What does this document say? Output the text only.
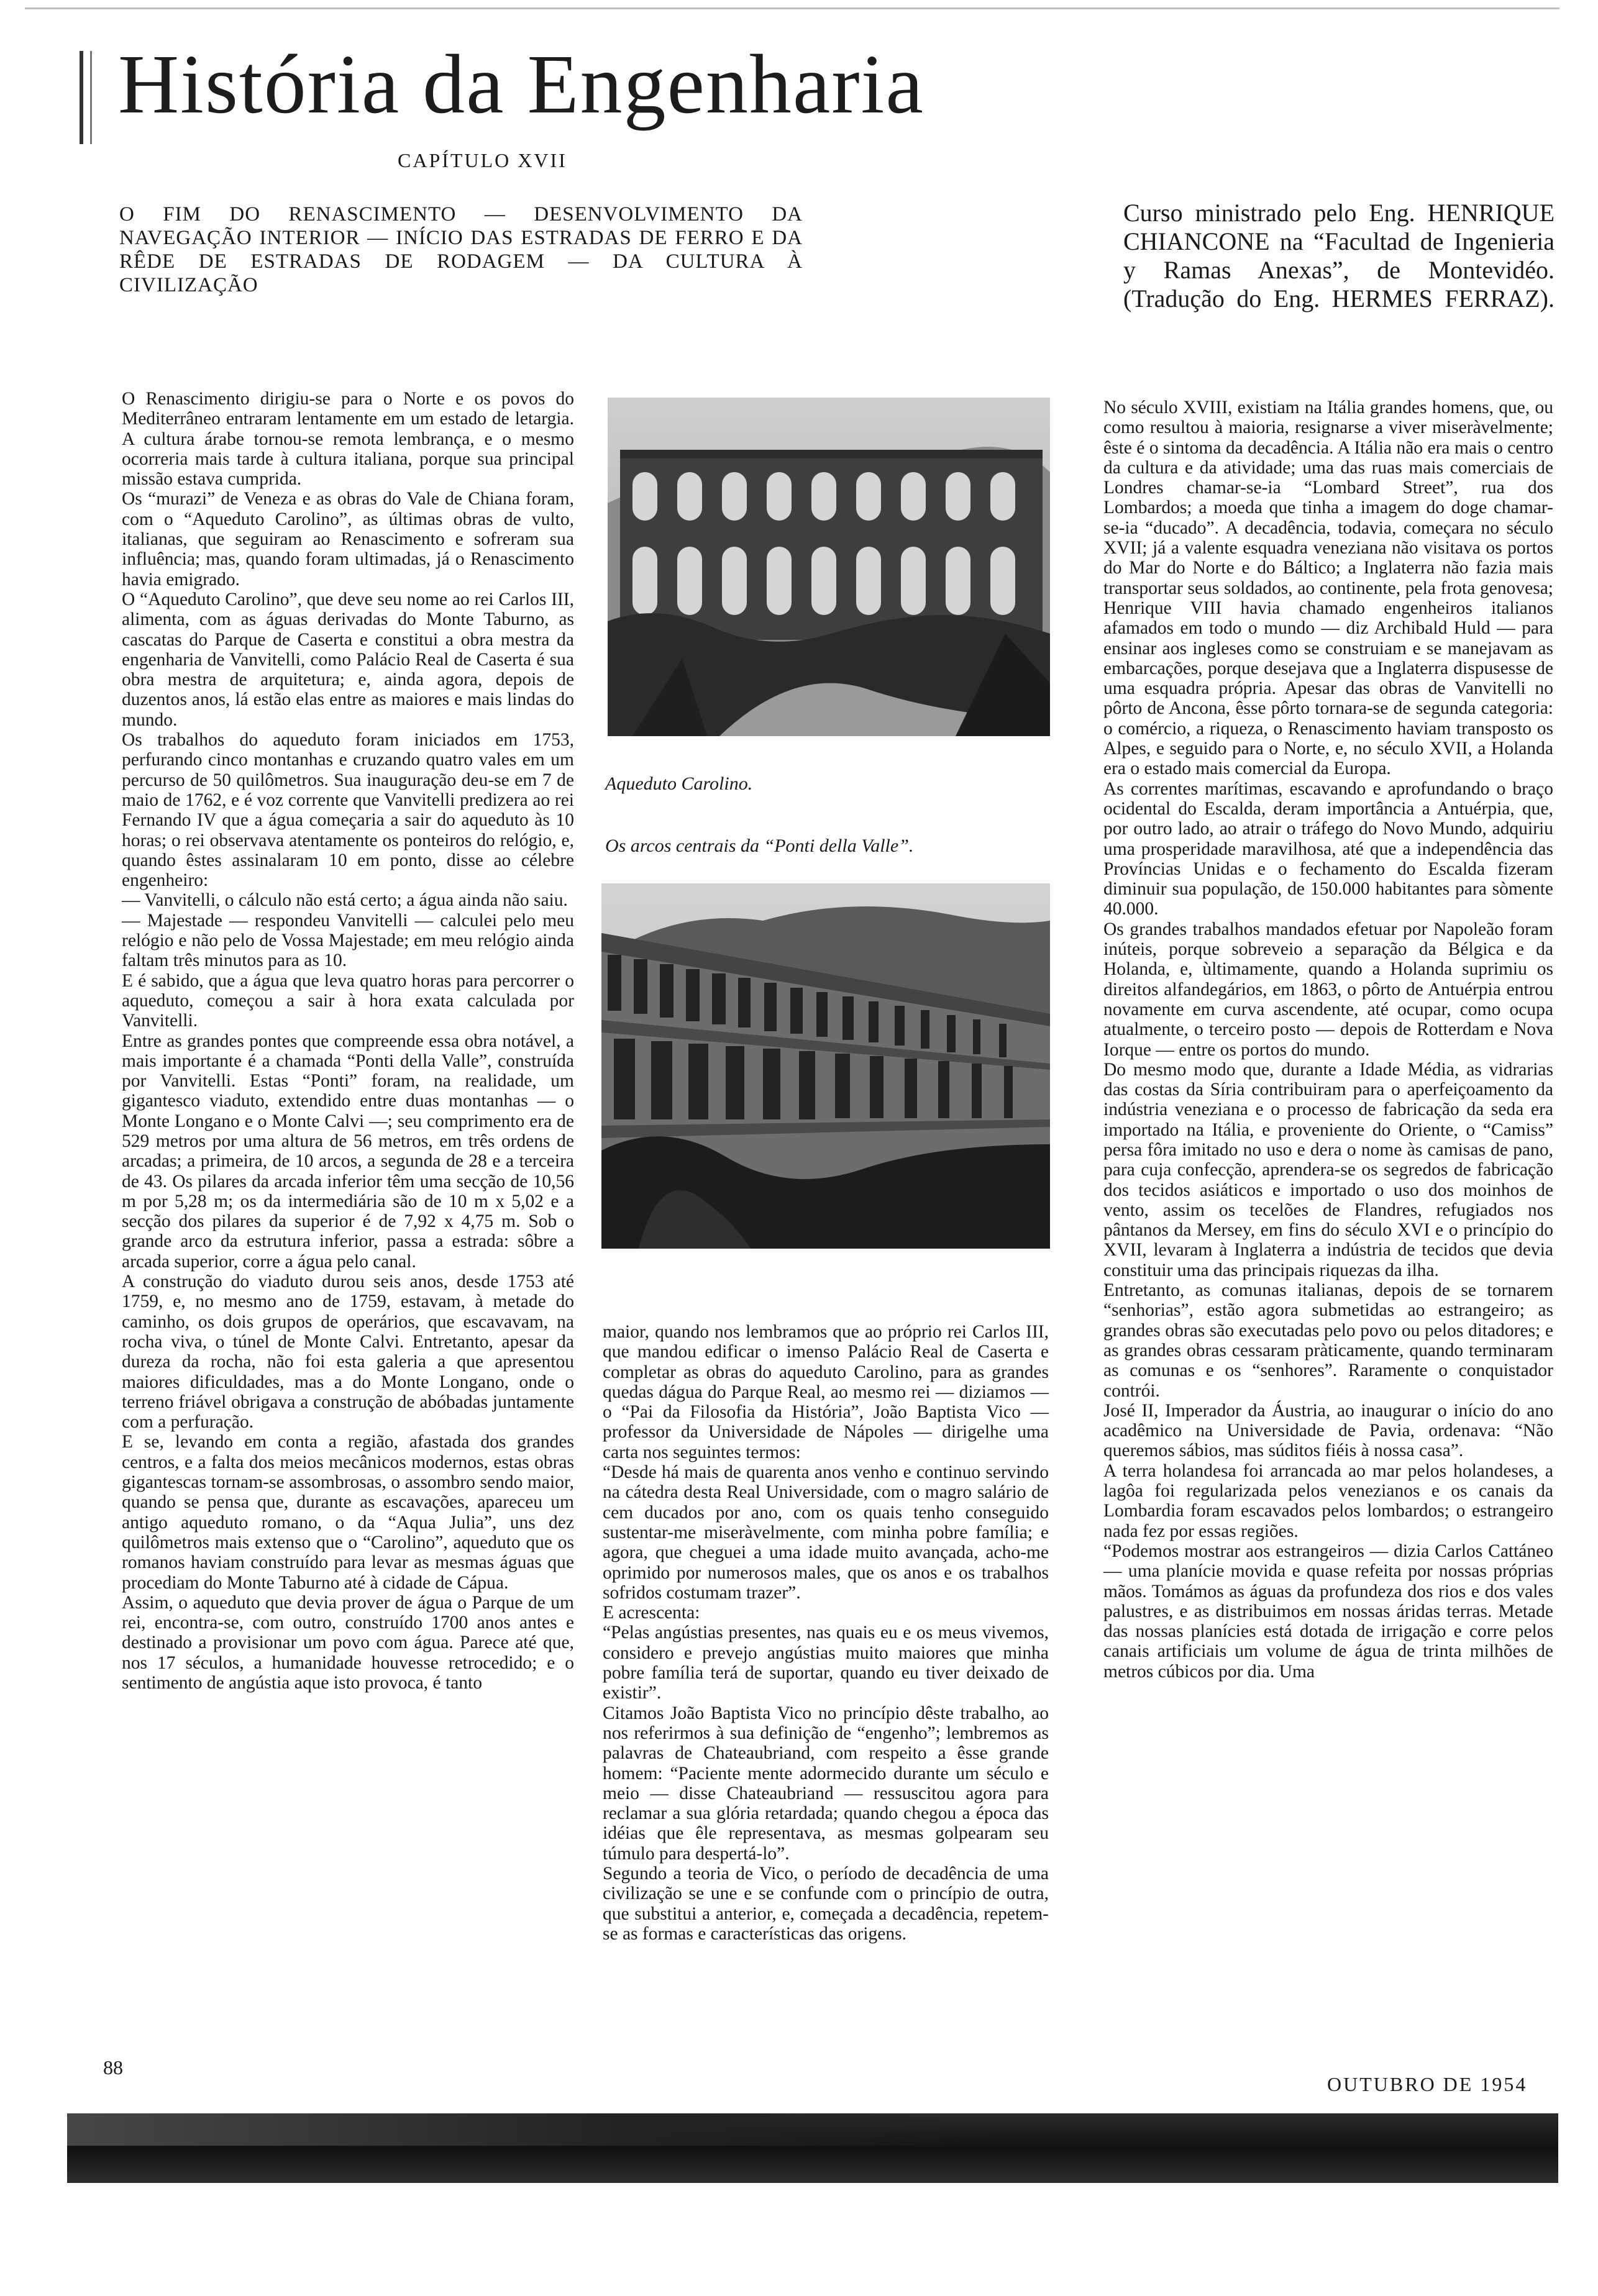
História da Engenharia
CAPÍTULO XVII
O FIM DO RENASCIMENTO — DESENVOLVIMENTO DA NAVEGAÇÃO INTERIOR — INÍCIO DAS ESTRADAS DE FERRO E DA RÊDE DE ESTRADAS DE RODAGEM — DA CULTURA À CIVILIZAÇÃO
Curso ministrado pelo Eng. HENRIQUE CHIANCONE na “Facultad de Ingenieria y Ramas Anexas”, de Montevidéo. (Tradução do Eng. HERMES FERRAZ).

O Renascimento dirigiu-se para o Norte e os povos do Mediterrâneo entraram lentamente em um estado de letargia. A cultura árabe tornou-se remota lembrança, e o mesmo ocorreria mais tarde à cultura italiana, porque sua principal missão estava cumprida.

Os “murazi” de Veneza e as obras do Vale de Chiana foram, com o “Aqueduto Carolino”, as últimas obras de vulto, italianas, que seguiram ao Renascimento e sofreram sua influência; mas, quando foram ultimadas, já o Renascimento havia emigrado.

O “Aqueduto Carolino”, que deve seu nome ao rei Carlos III, alimenta, com as águas derivadas do Monte Taburno, as cascatas do Parque de Caserta e constitui a obra mestra da engenharia de Vanvitelli, como Palácio Real de Caserta é sua obra mestra de arquitetura; e, ainda agora, depois de duzentos anos, lá estão elas entre as maiores e mais lindas do mundo.

Os trabalhos do aqueduto foram iniciados em 1753, perfurando cinco montanhas e cruzando quatro vales em um percurso de 50 quilômetros. Sua inauguração deu-se em 7 de maio de 1762, e é voz corrente que Vanvitelli predizera ao rei Fernando IV que a água começaria a sair do aqueduto às 10 horas; o rei observava atentamente os ponteiros do relógio, e, quando êstes assinalaram 10 em ponto, disse ao célebre engenheiro:

— Vanvitelli, o cálculo não está certo; a água ainda não saiu.

— Majestade — respondeu Vanvitelli — calculei pelo meu relógio e não pelo de Vossa Majestade; em meu relógio ainda faltam três minutos para as 10.

E é sabido, que a água que leva quatro horas para percorrer o aqueduto, começou a sair à hora exata calculada por Vanvitelli.

Entre as grandes pontes que compreende essa obra notável, a mais importante é a chamada “Ponti della Valle”, construída por Vanvitelli. Estas “Ponti” foram, na realidade, um gigantesco viaduto, extendido entre duas montanhas — o Monte Longano e o Monte Calvi —; seu comprimento era de 529 metros por uma altura de 56 metros, em três ordens de arcadas; a primeira, de 10 arcos, a segunda de 28 e a terceira de 43. Os pilares da arcada inferior têm uma secção de 10,56 m por 5,28 m; os da intermediária são de 10 m x 5,02 e a secção dos pilares da superior é de 7,92 x 4,75 m. Sob o grande arco da estrutura inferior, passa a estrada: sôbre a arcada superior, corre a água pelo canal.

A construção do viaduto durou seis anos, desde 1753 até 1759, e, no mesmo ano de 1759, estavam, à metade do caminho, os dois grupos de operários, que escavavam, na rocha viva, o túnel de Monte Calvi. Entretanto, apesar da dureza da rocha, não foi esta galeria a que apresentou maiores dificuldades, mas a do Monte Longano, onde o terreno friável obrigava a construção de abóbadas juntamente com a perfuração.

E se, levando em conta a região, afastada dos grandes centros, e a falta dos meios mecânicos modernos, estas obras gigantescas tornam-se assombrosas, o assombro sendo maior, quando se pensa que, durante as escavações, apareceu um antigo aqueduto romano, o da “Aqua Julia”, uns dez quilômetros mais extenso que o “Carolino”, aqueduto que os romanos haviam construído para levar as mesmas águas que procediam do Monte Taburno até à cidade de Cápua.

Assim, o aqueduto que devia prover de água o Parque de um rei, encontra-se, com outro, construído 1700 anos antes e destinado a provisionar um povo com água. Parece até que, nos 17 séculos, a humanidade houvesse retrocedido; e o sentimento de angústia aque isto provoca, é tanto

Aqueduto Carolino.
Os arcos centrais da “Ponti della Valle”.

maior, quando nos lembramos que ao próprio rei Carlos III, que mandou edificar o imenso Palácio Real de Caserta e completar as obras do aqueduto Carolino, para as grandes quedas dágua do Parque Real, ao mesmo rei — diziamos — o “Pai da Filosofia da História”, João Baptista Vico — professor da Universidade de Nápoles — dirigelhe uma carta nos seguintes termos:

“Desde há mais de quarenta anos venho e continuo servindo na cátedra desta Real Universidade, com o magro salário de cem ducados por ano, com os quais tenho conseguido sustentar-me miseràvelmente, com minha pobre família; e agora, que cheguei a uma idade muito avançada, acho-me oprimido por numerosos males, que os anos e os trabalhos sofridos costumam trazer”.

E acrescenta:

“Pelas angústias presentes, nas quais eu e os meus vivemos, considero e prevejo angústias muito maiores que minha pobre família terá de suportar, quando eu tiver deixado de existir”.

Citamos João Baptista Vico no princípio dêste trabalho, ao nos referirmos à sua definição de “engenho”; lembremos as palavras de Chateaubriand, com respeito a êsse grande homem: “Paciente mente adormecido durante um século e meio — disse Chateaubriand — ressuscitou agora para reclamar a sua glória retardada; quando chegou a época das idéias que êle representava, as mesmas golpearam seu túmulo para despertá-lo”.

Segundo a teoria de Vico, o período de decadência de uma civilização se une e se confunde com o princípio de outra, que substitui a anterior, e, começada a decadência, repetem-se as formas e características das origens.

No século XVIII, existiam na Itália grandes homens, que, ou como resultou à maioria, resignarse a viver miseràvelmente; êste é o sintoma da decadência. A Itália não era mais o centro da cultura e da atividade; uma das ruas mais comerciais de Londres chamar-se-ia “Lombard Street”, rua dos Lombardos; a moeda que tinha a imagem do doge chamar-se-ia “ducado”. A decadência, todavia, começara no século XVII; já a valente esquadra veneziana não visitava os portos do Mar do Norte e do Báltico; a Inglaterra não fazia mais transportar seus soldados, ao continente, pela frota genovesa; Henrique VIII havia chamado engenheiros italianos afamados em todo o mundo — diz Archibald Huld — para ensinar aos ingleses como se construiam e se manejavam as embarcações, porque desejava que a Inglaterra dispusesse de uma esquadra própria. Apesar das obras de Vanvitelli no pôrto de Ancona, êsse pôrto tornara-se de segunda categoria: o comércio, a riqueza, o Renascimento haviam transposto os Alpes, e seguido para o Norte, e, no século XVII, a Holanda era o estado mais comercial da Europa.

As correntes marítimas, escavando e aprofundando o braço ocidental do Escalda, deram importância a Antuérpia, que, por outro lado, ao atrair o tráfego do Novo Mundo, adquiriu uma prosperidade maravilhosa, até que a independência das Províncias Unidas e o fechamento do Escalda fizeram diminuir sua população, de 150.000 habitantes para sòmente 40.000.

Os grandes trabalhos mandados efetuar por Napoleão foram inúteis, porque sobreveio a separação da Bélgica e da Holanda, e, ùltimamente, quando a Holanda suprimiu os direitos alfandegários, em 1863, o pôrto de Antuérpia entrou novamente em curva ascendente, até ocupar, como ocupa atualmente, o terceiro posto — depois de Rotterdam e Nova Iorque — entre os portos do mundo.

Do mesmo modo que, durante a Idade Média, as vidrarias das costas da Síria contribuiram para o aperfeiçoamento da indústria veneziana e o processo de fabricação da seda era importado na Itália, e proveniente do Oriente, o “Camiss” persa fôra imitado no uso e dera o nome às camisas de pano, para cuja confecção, aprendera-se os segredos de fabricação dos tecidos asiáticos e importado o uso dos moinhos de vento, assim os tecelões de Flandres, refugiados nos pântanos da Mersey, em fins do século XVI e o princípio do XVII, levaram à Inglaterra a indústria de tecidos que devia constituir uma das principais riquezas da ilha.

Entretanto, as comunas italianas, depois de se tornarem “senhorias”, estão agora submetidas ao estrangeiro; as grandes obras são executadas pelo povo ou pelos ditadores; e as grandes obras cessaram pràticamente, quando terminaram as comunas e os “senhores”. Raramente o conquistador contrói.

José II, Imperador da Áustria, ao inaugurar o início do ano acadêmico na Universidade de Pavia, ordenava: “Não queremos sábios, mas súditos fiéis à nossa casa”.

A terra holandesa foi arrancada ao mar pelos holandeses, a lagôa foi regularizada pelos venezianos e os canais da Lombardia foram escavados pelos lombardos; o estrangeiro nada fez por essas regiões.

“Podemos mostrar aos estrangeiros — dizia Carlos Cattáneo — uma planície movida e quase refeita por nossas próprias mãos. Tomámos as águas da profundeza dos rios e dos vales palustres, e as distribuimos em nossas áridas terras. Metade das nossas planícies está dotada de irrigação e corre pelos canais artificiais um volume de água de trinta milhões de metros cúbicos por dia. Uma

88
OUTUBRO DE 1954
